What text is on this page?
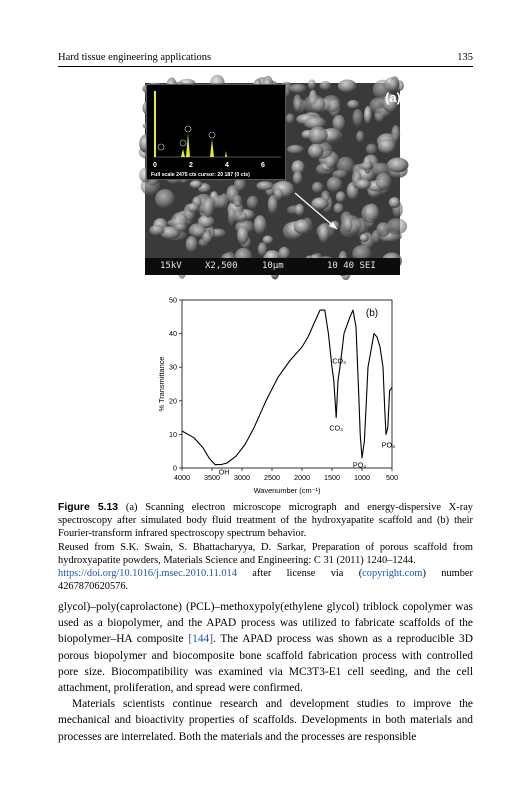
Hard tissue engineering applications	135
0	2	4	6
Full scale 2475 cts cursor: 20 187 (0 cts)
(a)
15kV	X2,500	10μm	10 40 SEI
4000 3500 3000 2500 2000 1500 1000 500
0
10
20
30
40
50
Wavenumber (cm⁻¹)
% Transmittance
(b)
OH
CO₃
CO₃
PO₄
PO₄

Figure 5.13 (a) Scanning electron microscope micrograph and energy-dispersive X-ray spectroscopy after simulated body fluid treatment of the hydroxyapatite scaffold and (b) their Fourier-transform infrared spectroscopy spectrum behavior.

Reused from S.K. Swain, S. Bhattacharyya, D. Sarkar, Preparation of porous scaffold from hydroxyapatite powders, Materials Science and Engineering: C 31 (2011) 1240–1244.

https://doi.org/10.1016/j.msec.2010.11.014 after license via (copyright.com) number 4267870620576.

glycol)–poly(caprolactone) (PCL)–methoxypoly(ethylene glycol) triblock copolymer was used as a biopolymer, and the APAD process was utilized to fabricate scaffolds of the biopolymer–HA composite [144]. The APAD process was shown as a reproducible 3D porous biopolymer and biocomposite bone scaffold fabrication process with controlled pore size. Biocompatibility was examined via MC3T3-E1 cell seeding, and the cell attachment, proliferation, and spread were confirmed.

Materials scientists continue research and development studies to improve the mechanical and bioactivity properties of scaffolds. Developments in both materials and processes are interrelated. Both the materials and the processes are responsible
